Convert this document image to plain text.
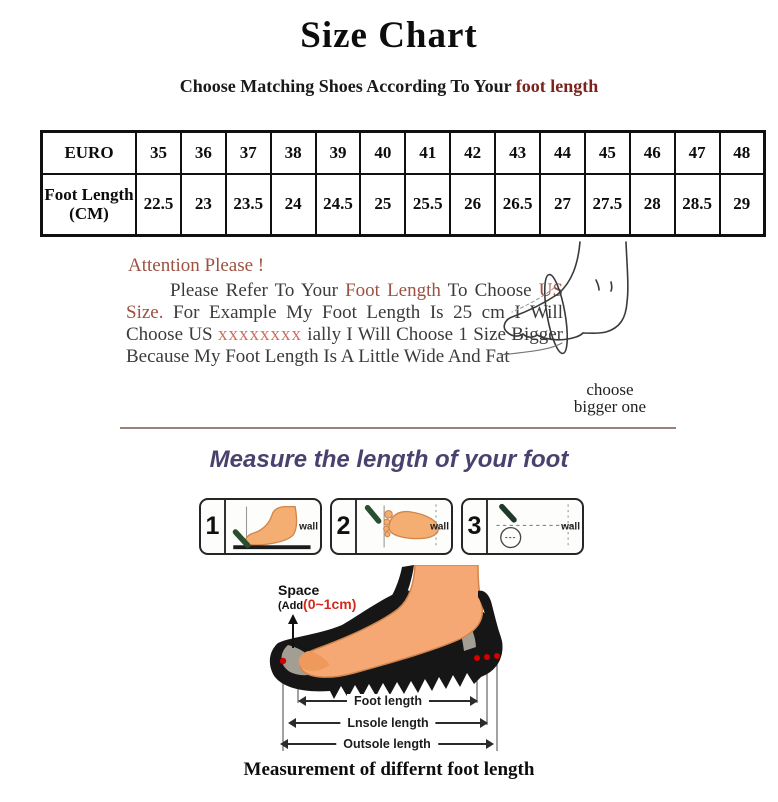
Size Chart
Choose Matching Shoes According To Your foot length
EURO	35	36	37	38	39	40	41	42	43	44	45	46	47	48
Foot Length (CM)	22.5	23	23.5	24	24.5	25	25.5	26	26.5	27	27.5	28	28.5	29

Attention Please !

Please Refer To Your Foot Length To Choose US Size. For Example My Foot Length Is 25 cm I Will Choose US xxxxxxxx ially I Will Choose 1 Size Bigger Because My Foot Length Is A Little Wide And Fat

choose
bigger one
Measure the length of your foot
1	wall 2	wall 3	wall
Space
(Add(0~1cm)
Foot length
Lnsole length
Outsole length
Measurement of differnt foot length
